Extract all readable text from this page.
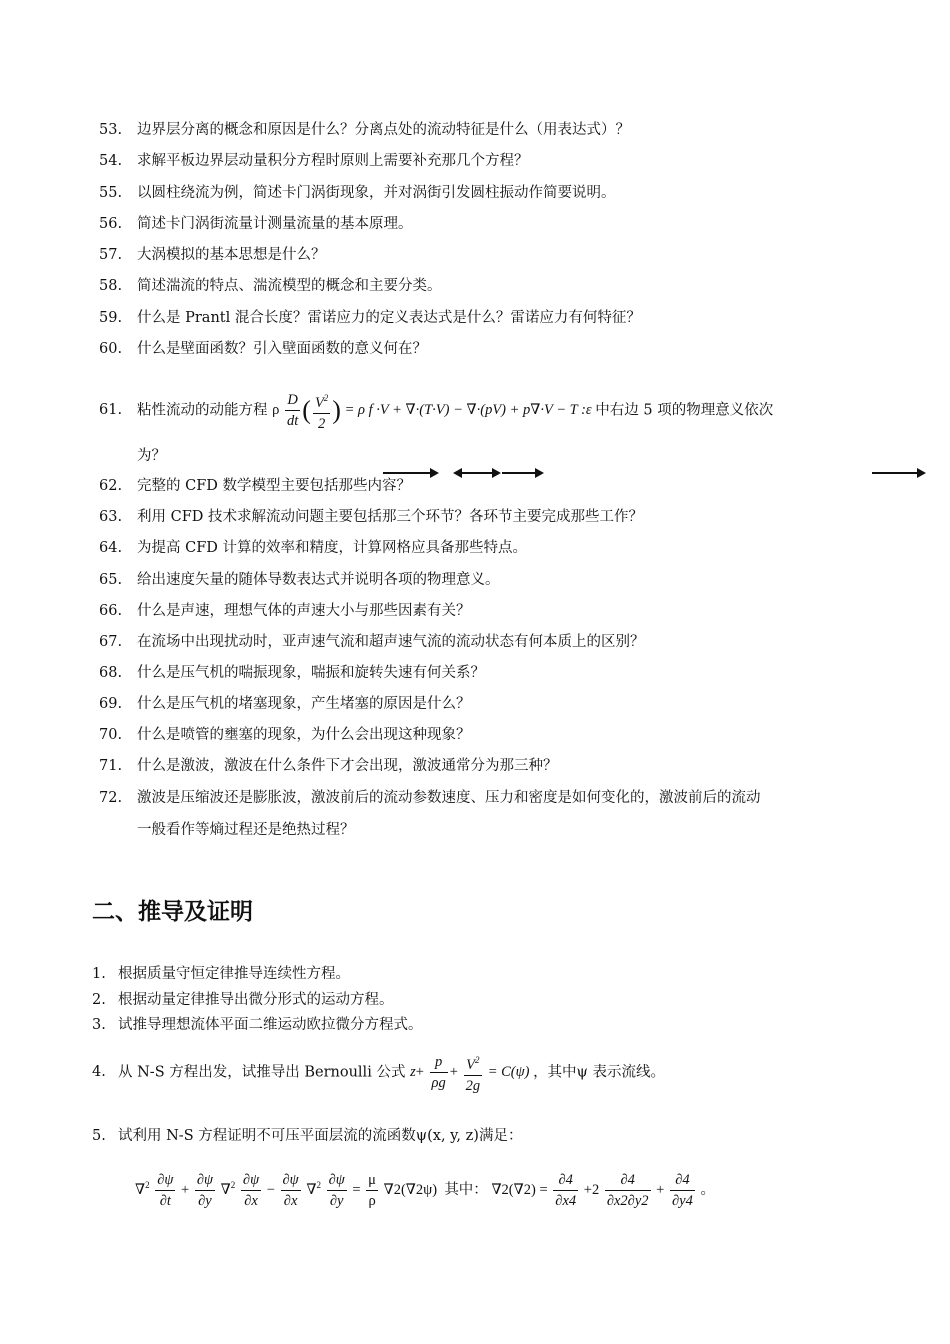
53. 边界层分离的概念和原因是什么？分离点处的流动特征是什么（用表达式）？
54. 求解平板边界层动量积分方程时原则上需要补充那几个方程？
55. 以圆柱绕流为例，简述卡门涡街现象，并对涡街引发圆柱振动作简要说明。
56. 简述卡门涡街流量计测量流量的基本原理。
57. 大涡模拟的基本思想是什么？
58. 简述湍流的特点、湍流模型的概念和主要分类。
59. 什么是 Prantl 混合长度？雷诺应力的定义表达式是什么？雷诺应力有何特征？
60. 什么是壁面函数？引入壁面函数的意义何在？
61. 粘性流动的动能方程 ρ $\frac{D}{dt}$ ( $\frac{V^2}{2}$ ) = ρ f ·V + ∇·(T·V) − ∇·(pV) + p∇·V − T :ε 中右边 5 项的物理意义依次
为？
62. 完整的 CFD 数学模型主要包括那些内容？
63. 利用 CFD 技术求解流动问题主要包括那三个环节？各环节主要完成那些工作？
64. 为提高 CFD 计算的效率和精度，计算网格应具备那些特点。
65. 给出速度矢量的随体导数表达式并说明各项的物理意义。
66. 什么是声速，理想气体的声速大小与那些因素有关？
67. 在流场中出现扰动时，亚声速气流和超声速气流的流动状态有何本质上的区别？
68. 什么是压气机的喘振现象，喘振和旋转失速有何关系？
69. 什么是压气机的堵塞现象，产生堵塞的原因是什么？
70. 什么是喷管的壅塞的现象，为什么会出现这种现象？
71. 什么是激波，激波在什么条件下才会出现，激波通常分为那三种？
72. 激波是压缩波还是膨胀波，激波前后的流动参数速度、压力和密度是如何变化的，激波前后的流动
一般看作等熵过程还是绝热过程？
二、推导及证明
1. 根据质量守恒定律推导连续性方程。
2. 根据动量定律推导出微分形式的运动方程。
3. 试推导理想流体平面二维运动欧拉微分方程式。
4. 从 N-S 方程出发，试推导出 Bernoulli 公式 $z+ \frac{p}{\rho g} + \frac{V^2}{2g} = C(\psi)$ ，其中ψ 表示流线。
5. 试利用 N-S 方程证明不可压平面层流的流函数ψ(x, y, z)满足：
$\nabla^2 \frac{\partial\psi}{\partial t} + \frac{\partial\psi}{\partial y} \nabla^2 \frac{\partial\psi}{\partial x} - \frac{\partial\psi}{\partial x} \nabla^2 \frac{\partial\psi}{\partial y} = \frac{\mu}{\rho} \nabla 2(\nabla 2\psi)$ 其中： $\nabla 2(\nabla 2) = \frac{\partial 4}{\partial x4} +2 \frac{\partial 4}{\partial x2\partial y2} + \frac{\partial 4}{\partial y4}$ 。
